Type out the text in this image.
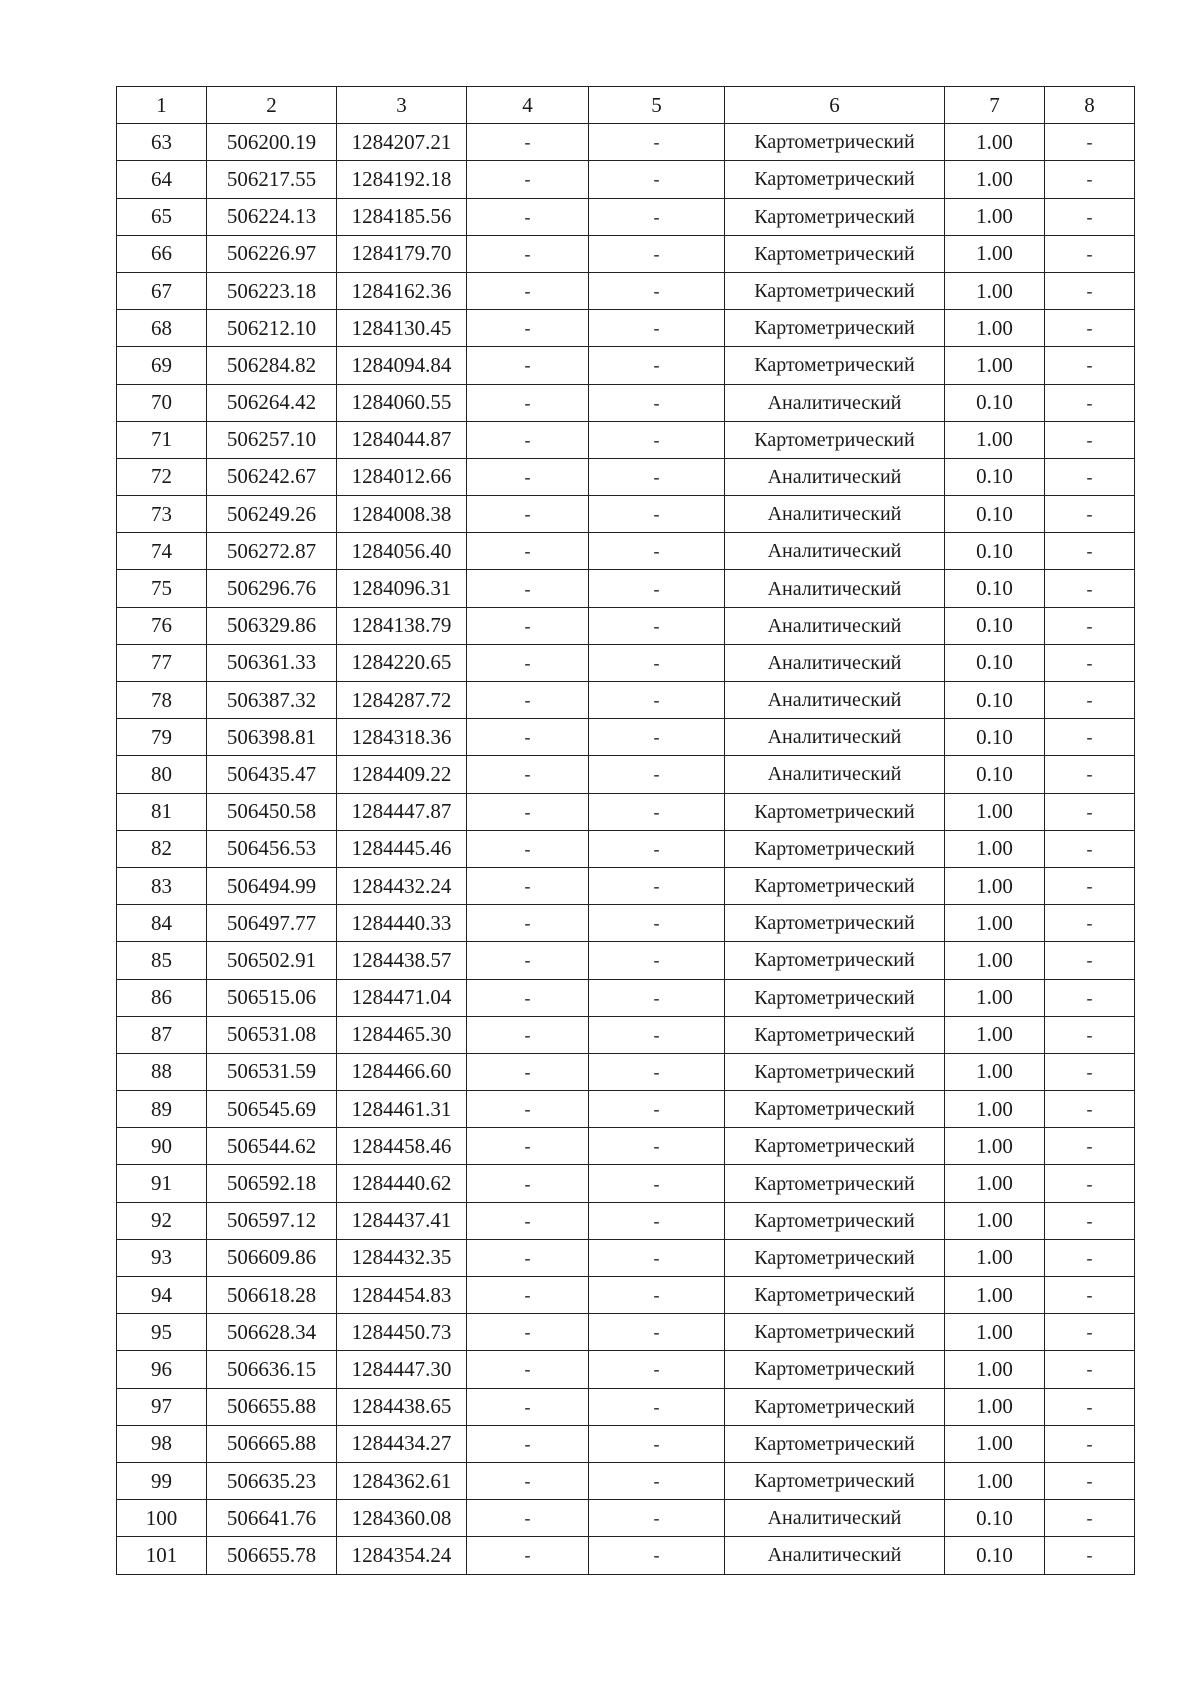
1	2	3	4	5	6	7	8
63	506200.19	1284207.21	-	-	Картометрический	1.00	-
64	506217.55	1284192.18	-	-	Картометрический	1.00	-
65	506224.13	1284185.56	-	-	Картометрический	1.00	-
66	506226.97	1284179.70	-	-	Картометрический	1.00	-
67	506223.18	1284162.36	-	-	Картометрический	1.00	-
68	506212.10	1284130.45	-	-	Картометрический	1.00	-
69	506284.82	1284094.84	-	-	Картометрический	1.00	-
70	506264.42	1284060.55	-	-	Аналитический	0.10	-
71	506257.10	1284044.87	-	-	Картометрический	1.00	-
72	506242.67	1284012.66	-	-	Аналитический	0.10	-
73	506249.26	1284008.38	-	-	Аналитический	0.10	-
74	506272.87	1284056.40	-	-	Аналитический	0.10	-
75	506296.76	1284096.31	-	-	Аналитический	0.10	-
76	506329.86	1284138.79	-	-	Аналитический	0.10	-
77	506361.33	1284220.65	-	-	Аналитический	0.10	-
78	506387.32	1284287.72	-	-	Аналитический	0.10	-
79	506398.81	1284318.36	-	-	Аналитический	0.10	-
80	506435.47	1284409.22	-	-	Аналитический	0.10	-
81	506450.58	1284447.87	-	-	Картометрический	1.00	-
82	506456.53	1284445.46	-	-	Картометрический	1.00	-
83	506494.99	1284432.24	-	-	Картометрический	1.00	-
84	506497.77	1284440.33	-	-	Картометрический	1.00	-
85	506502.91	1284438.57	-	-	Картометрический	1.00	-
86	506515.06	1284471.04	-	-	Картометрический	1.00	-
87	506531.08	1284465.30	-	-	Картометрический	1.00	-
88	506531.59	1284466.60	-	-	Картометрический	1.00	-
89	506545.69	1284461.31	-	-	Картометрический	1.00	-
90	506544.62	1284458.46	-	-	Картометрический	1.00	-
91	506592.18	1284440.62	-	-	Картометрический	1.00	-
92	506597.12	1284437.41	-	-	Картометрический	1.00	-
93	506609.86	1284432.35	-	-	Картометрический	1.00	-
94	506618.28	1284454.83	-	-	Картометрический	1.00	-
95	506628.34	1284450.73	-	-	Картометрический	1.00	-
96	506636.15	1284447.30	-	-	Картометрический	1.00	-
97	506655.88	1284438.65	-	-	Картометрический	1.00	-
98	506665.88	1284434.27	-	-	Картометрический	1.00	-
99	506635.23	1284362.61	-	-	Картометрический	1.00	-
100	506641.76	1284360.08	-	-	Аналитический	0.10	-
101	506655.78	1284354.24	-	-	Аналитический	0.10	-
